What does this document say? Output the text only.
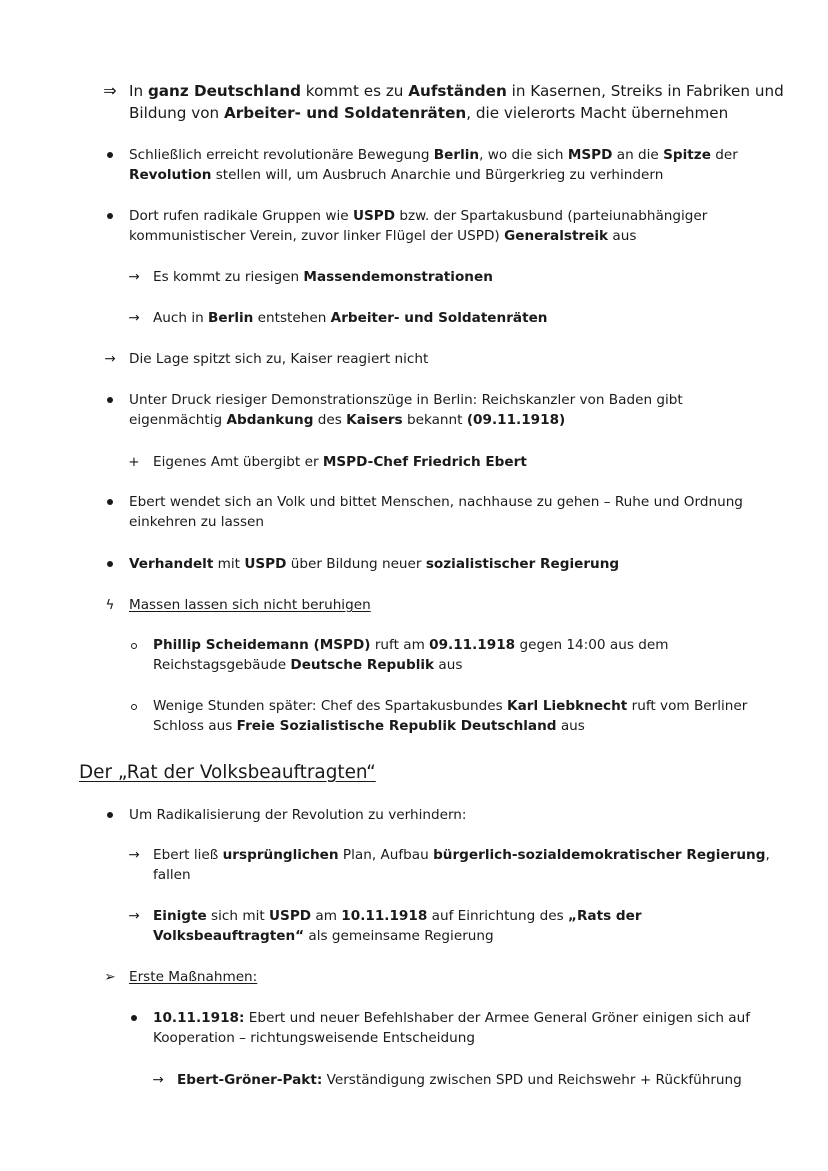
Der „Rat der Volksbeauftragten“
⇒ In ganz Deutschland kommt es zu Aufständen in Kasernen, Streiks in Fabriken und
Bildung von Arbeiter- und Soldatenräten, die vielerorts Macht übernehmen
Schließlich erreicht revolutionäre Bewegung Berlin, wo die sich MSPD an die Spitze der
Revolution stellen will, um Ausbruch Anarchie und Bürgerkrieg zu verhindern
Dort rufen radikale Gruppen wie USPD bzw. der Spartakusbund (parteiunabhängiger
kommunistischer Verein, zuvor linker Flügel der USPD) Generalstreik aus
→ Es kommt zu riesigen Massendemonstrationen
→ Auch in Berlin entstehen Arbeiter- und Soldatenräten
→ Die Lage spitzt sich zu, Kaiser reagiert nicht
Unter Druck riesiger Demonstrationszüge in Berlin: Reichskanzler von Baden gibt
eigenmächtig Abdankung des Kaisers bekannt (09.11.1918)
+ Eigenes Amt übergibt er MSPD-Chef Friedrich Ebert
Ebert wendet sich an Volk und bittet Menschen, nachhause zu gehen – Ruhe und Ordnung
einkehren zu lassen
Verhandelt mit USPD über Bildung neuer sozialistischer Regierung
ϟ	Massen lassen sich nicht beruhigen
Phillip Scheidemann (MSPD) ruft am 09.11.1918 gegen 14:00 aus dem
Reichstagsgebäude Deutsche Republik aus
Wenige Stunden später: Chef des Spartakusbundes Karl Liebknecht ruft vom Berliner
Schloss aus Freie Sozialistische Republik Deutschland aus
Um Radikalisierung der Revolution zu verhindern:
→ Ebert ließ ursprünglichen Plan, Aufbau bürgerlich-sozialdemokratischer Regierung,
fallen
→ Einigte sich mit USPD am 10.11.1918 auf Einrichtung des „Rats der
Volksbeauftragten“ als gemeinsame Regierung
➢ Erste Maßnahmen:
10.11.1918: Ebert und neuer Befehlshaber der Armee General Gröner einigen sich auf
Kooperation – richtungsweisende Entscheidung
→ Ebert-Gröner-Pakt: Verständigung zwischen SPD und Reichswehr + Rückführung
